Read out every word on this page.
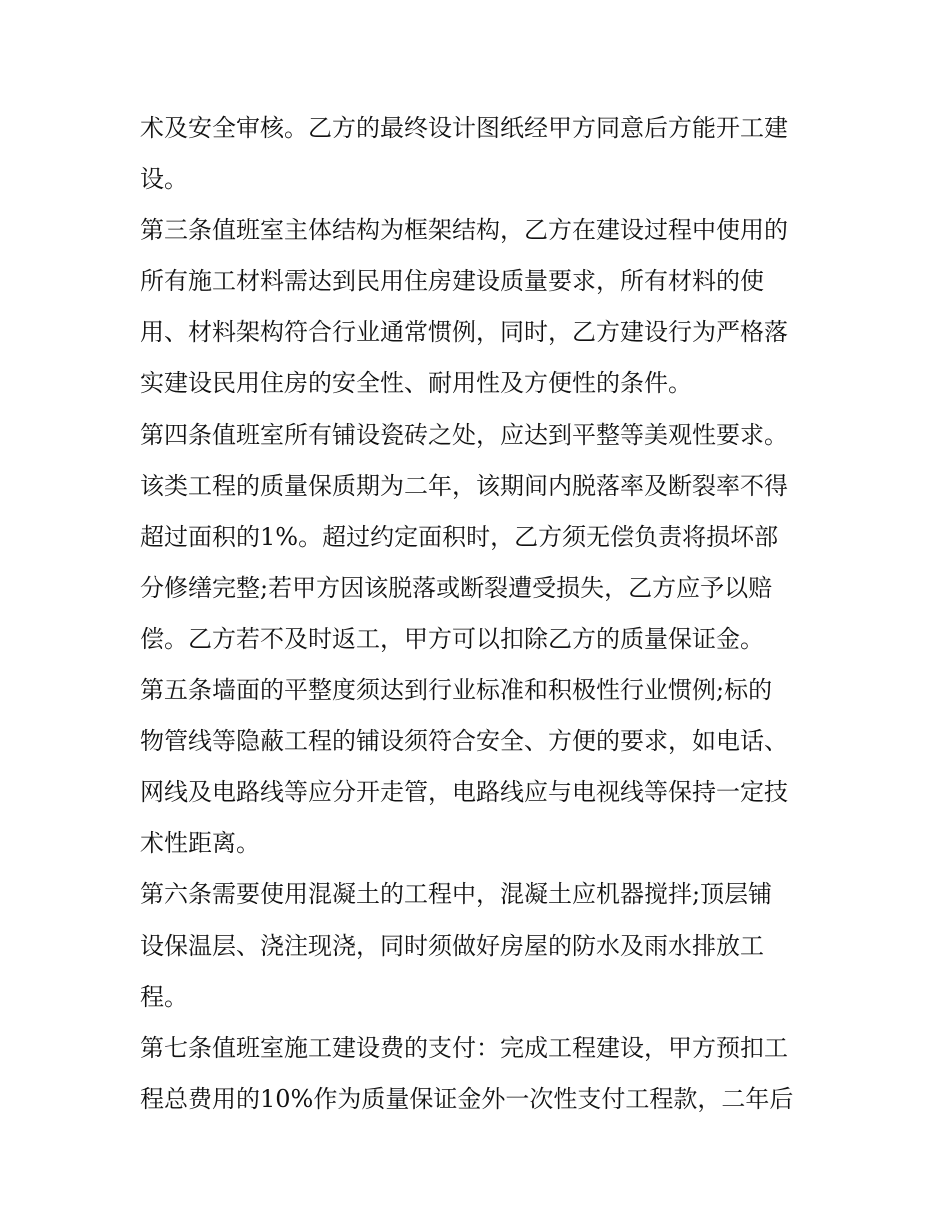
术及安全审核。乙方的最终设计图纸经甲方同意后方能开工建
设。

第三条值班室主体结构为框架结构，乙方在建设过程中使用的
所有施工材料需达到民用住房建设质量要求，所有材料的使
用、材料架构符合行业通常惯例，同时，乙方建设行为严格落
实建设民用住房的安全性、耐用性及方便性的条件。

第四条值班室所有铺设瓷砖之处，应达到平整等美观性要求。
该类工程的质量保质期为二年，该期间内脱落率及断裂率不得
超过面积的1%。超过约定面积时，乙方须无偿负责将损坏部
分修缮完整;若甲方因该脱落或断裂遭受损失，乙方应予以赔
偿。乙方若不及时返工，甲方可以扣除乙方的质量保证金。

第五条墙面的平整度须达到行业标准和积极性行业惯例;标的
物管线等隐蔽工程的铺设须符合安全、方便的要求，如电话、
网线及电路线等应分开走管，电路线应与电视线等保持一定技
术性距离。

第六条需要使用混凝土的工程中，混凝土应机器搅拌;顶层铺
设保温层、浇注现浇，同时须做好房屋的防水及雨水排放工
程。

第七条值班室施工建设费的支付：完成工程建设，甲方预扣工
程总费用的10%作为质量保证金外一次性支付工程款，二年后
